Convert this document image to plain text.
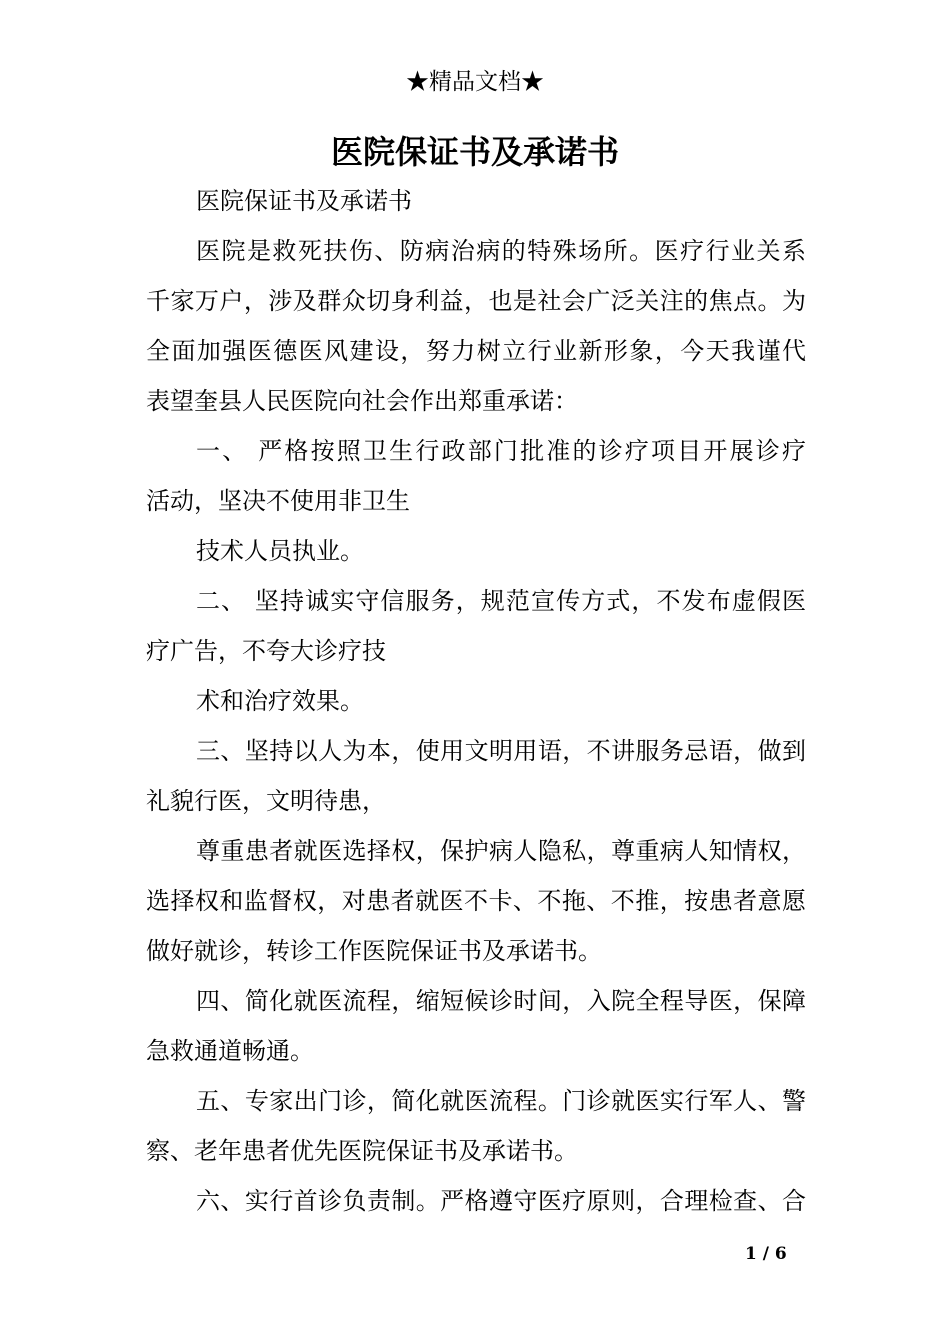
★精品文档★
医院保证书及承诺书
医院保证书及承诺书
医院是救死扶伤、防病治病的特殊场所。医疗行业关系
千家万户，涉及群众切身利益，也是社会广泛关注的焦点。为
全面加强医德医风建设，努力树立行业新形象，今天我谨代
表望奎县人民医院向社会作出郑重承诺：
一、 严格按照卫生行政部门批准的诊疗项目开展诊疗
活动，坚决不使用非卫生
技术人员执业。
二、 坚持诚实守信服务，规范宣传方式，不发布虚假医
疗广告，不夸大诊疗技
术和治疗效果。
三、坚持以人为本，使用文明用语，不讲服务忌语，做到
礼貌行医，文明待患，
尊重患者就医选择权，保护病人隐私，尊重病人知情权，
选择权和监督权，对患者就医不卡、不拖、不推，按患者意愿
做好就诊，转诊工作医院保证书及承诺书。
四、简化就医流程，缩短候诊时间，入院全程导医，保障
急救通道畅通。
五、专家出门诊，简化就医流程。门诊就医实行军人、警
察、老年患者优先医院保证书及承诺书。
六、实行首诊负责制。严格遵守医疗原则，合理检查、合
1 / 6
